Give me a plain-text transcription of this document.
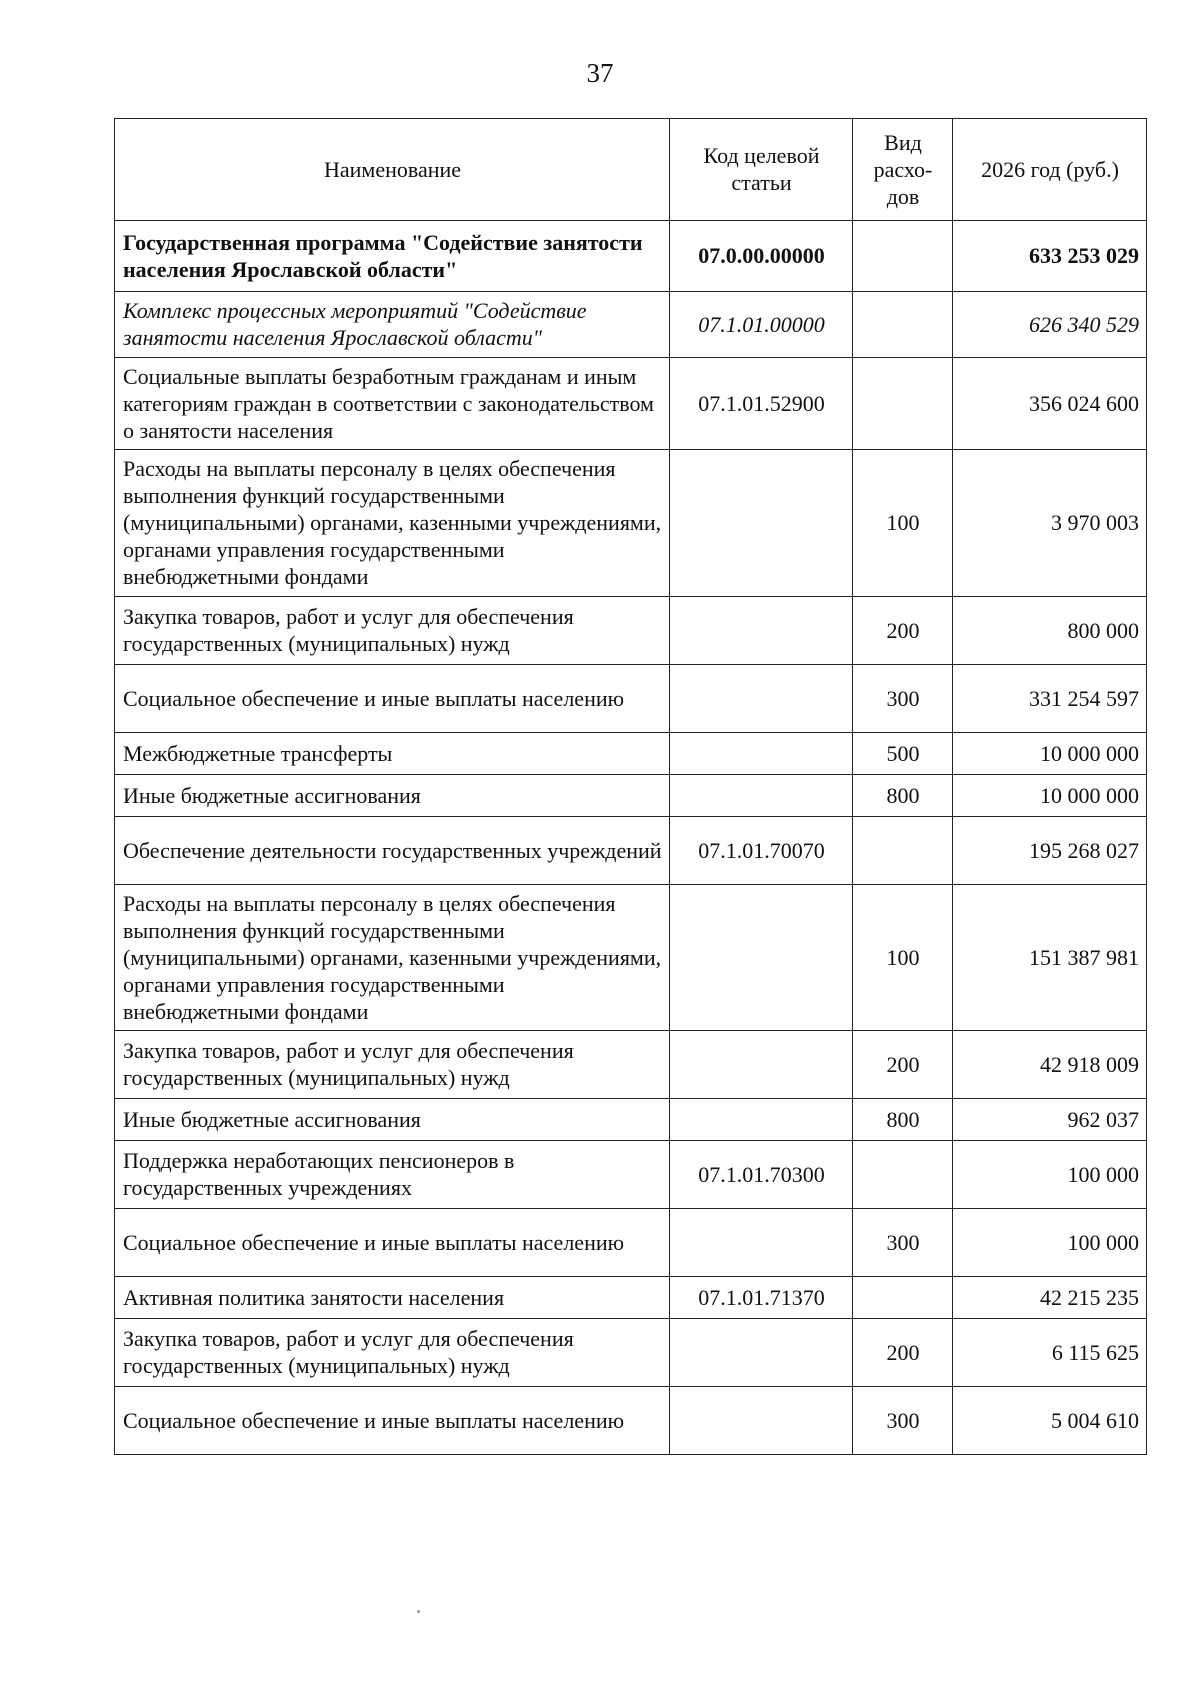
37
Наименование	Код целевой статьи	Вид расхо-дов	2026 год (руб.)
Государственная программа "Содействие занятости населения Ярославской области"	07.0.00.00000		633 253 029
Комплекс процессных мероприятий "Содействие занятости населения Ярославской области"	07.1.01.00000		626 340 529
Социальные выплаты безработным гражданам и иным категориям граждан в соответствии с законодательством о занятости населения	07.1.01.52900		356 024 600
Расходы на выплаты персоналу в целях обеспечения выполнения функций государственными (муниципальными) органами, казенными учреждениями, органами управления государственными внебюджетными фондами		100	3 970 003
Закупка товаров, работ и услуг для обеспечения государственных (муниципальных) нужд		200	800 000
Социальное обеспечение и иные выплаты населению		300	331 254 597
Межбюджетные трансферты		500	10 000 000
Иные бюджетные ассигнования		800	10 000 000
Обеспечение деятельности государственных учреждений	07.1.01.70070		195 268 027
Расходы на выплаты персоналу в целях обеспечения выполнения функций государственными (муниципальными) органами, казенными учреждениями, органами управления государственными внебюджетными фондами		100	151 387 981
Закупка товаров, работ и услуг для обеспечения государственных (муниципальных) нужд		200	42 918 009
Иные бюджетные ассигнования		800	962 037
Поддержка неработающих пенсионеров в государственных учреждениях	07.1.01.70300		100 000
Социальное обеспечение и иные выплаты населению		300	100 000
Активная политика занятости населения	07.1.01.71370		42 215 235
Закупка товаров, работ и услуг для обеспечения государственных (муниципальных) нужд		200	6 115 625
Социальное обеспечение и иные выплаты населению		300	5 004 610
